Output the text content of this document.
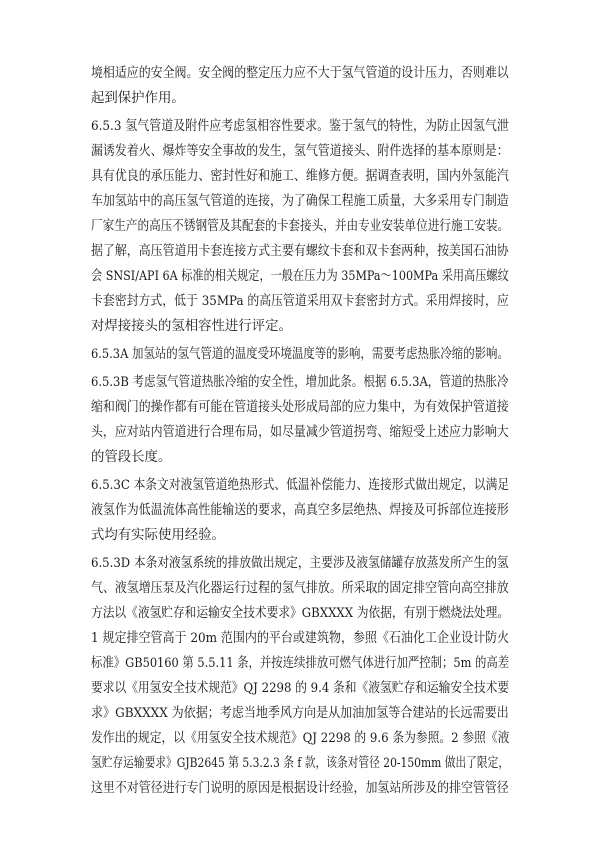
境相适应的安全阀。安全阀的整定压力应不大于氢气管道的设计压力，否则难以
起到保护作用。
6.5.3 氢气管道及附件应考虑氢相容性要求。鉴于氢气的特性，为防止因氢气泄
漏诱发着火、爆炸等安全事故的发生，氢气管道接头、附件选择的基本原则是：
具有优良的承压能力、密封性好和施工、维修方便。据调查表明，国内外氢能汽
车加氢站中的高压氢气管道的连接，为了确保工程施工质量，大多采用专门制造
厂家生产的高压不锈钢管及其配套的卡套接头，并由专业安装单位进行施工安装。
据了解，高压管道用卡套连接方式主要有螺纹卡套和双卡套两种，按美国石油协
会 SNSI/API 6A 标准的相关规定，一般在压力为 35MPa～100MPa 采用高压螺纹
卡套密封方式，低于 35MPa 的高压管道采用双卡套密封方式。采用焊接时，应
对焊接接头的氢相容性进行评定。
6.5.3A 加氢站的氢气管道的温度受环境温度等的影响，需要考虑热胀冷缩的影响。
6.5.3B 考虑氢气管道热胀冷缩的安全性，增加此条。根据 6.5.3A，管道的热胀冷
缩和阀门的操作都有可能在管道接头处形成局部的应力集中，为有效保护管道接
头，应对站内管道进行合理布局，如尽量减少管道拐弯、缩短受上述应力影响大
的管段长度。
6.5.3C 本条文对液氢管道绝热形式、低温补偿能力、连接形式做出规定，以满足
液氢作为低温流体高性能输送的要求，高真空多层绝热、焊接及可拆部位连接形
式均有实际使用经验。
6.5.3D 本条对液氢系统的排放做出规定，主要涉及液氢储罐存放蒸发所产生的氢
气、液氢增压泵及汽化器运行过程的氢气排放。所采取的固定排空管向高空排放
方法以《液氢贮存和运输安全技术要求》GBXXXX 为依据，有别于燃烧法处理。
1 规定排空管高于 20m 范围内的平台或建筑物，参照《石油化工企业设计防火
标准》GB50160 第 5.5.11 条，并按连续排放可燃气体进行加严控制；5m 的高差
要求以《用氢安全技术规范》QJ 2298 的 9.4 条和《液氢贮存和运输安全技术要
求》GBXXXX 为依据；考虑当地季风方向是从加油加氢等合建站的长远需要出
发作出的规定，以《用氢安全技术规范》QJ 2298 的 9.6 条为参照。2 参照《液
氢贮存运输要求》GJB2645 第 5.3.2.3 条 f 款，该条对管径 20-150mm 做出了限定，
这里不对管径进行专门说明的原因是根据设计经验，加氢站所涉及的排空管管径
